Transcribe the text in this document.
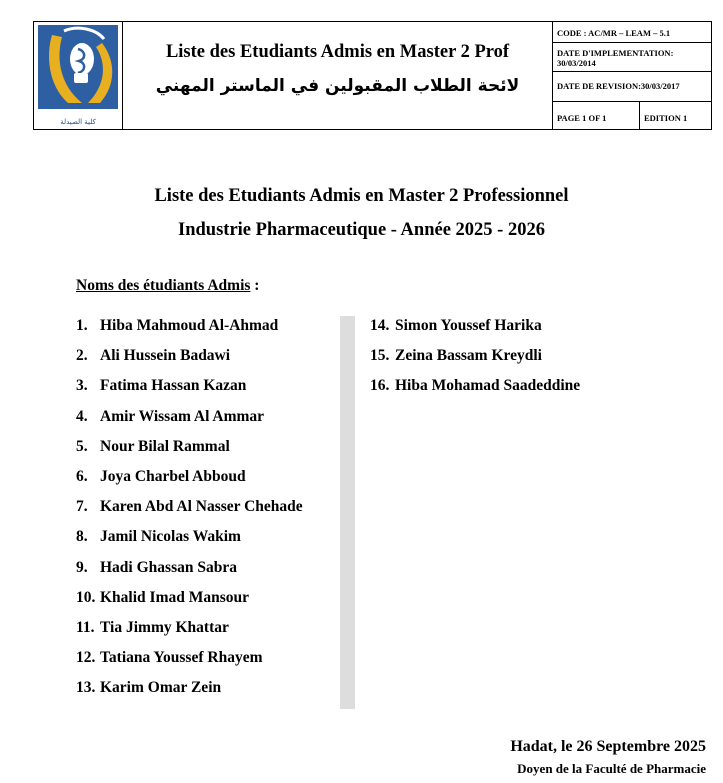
كلية الصيدلة
Liste des Etudiants Admis en Master 2 Prof
لائحة الطلاب المقبولين في الماستر المهني
CODE : AC/MR – LEAM – 5.1
DATE D'IMPLEMENTATION: 30/03/2014
DATE DE REVISION:30/03/2017
PAGE 1 OF 1	EDITION 1
Liste des Etudiants Admis en Master 2 Professionnel
Industrie Pharmaceutique - Année 2025 - 2026
Noms des étudiants Admis :
1. Hiba Mahmoud Al-Ahmad
2. Ali Hussein Badawi
3. Fatima Hassan Kazan
4. Amir Wissam Al Ammar
5. Nour Bilal Rammal
6. Joya Charbel Abboud
7. Karen Abd Al Nasser Chehade
8. Jamil Nicolas Wakim
9. Hadi Ghassan Sabra
10. Khalid Imad Mansour
11. Tia Jimmy Khattar
12. Tatiana Youssef Rhayem
13. Karim Omar Zein
14. Simon Youssef Harika
15. Zeina Bassam Kreydli
16. Hiba Mohamad Saadeddine
Hadat, le 26 Septembre 2025
Doyen de la Faculté de Pharmacie
